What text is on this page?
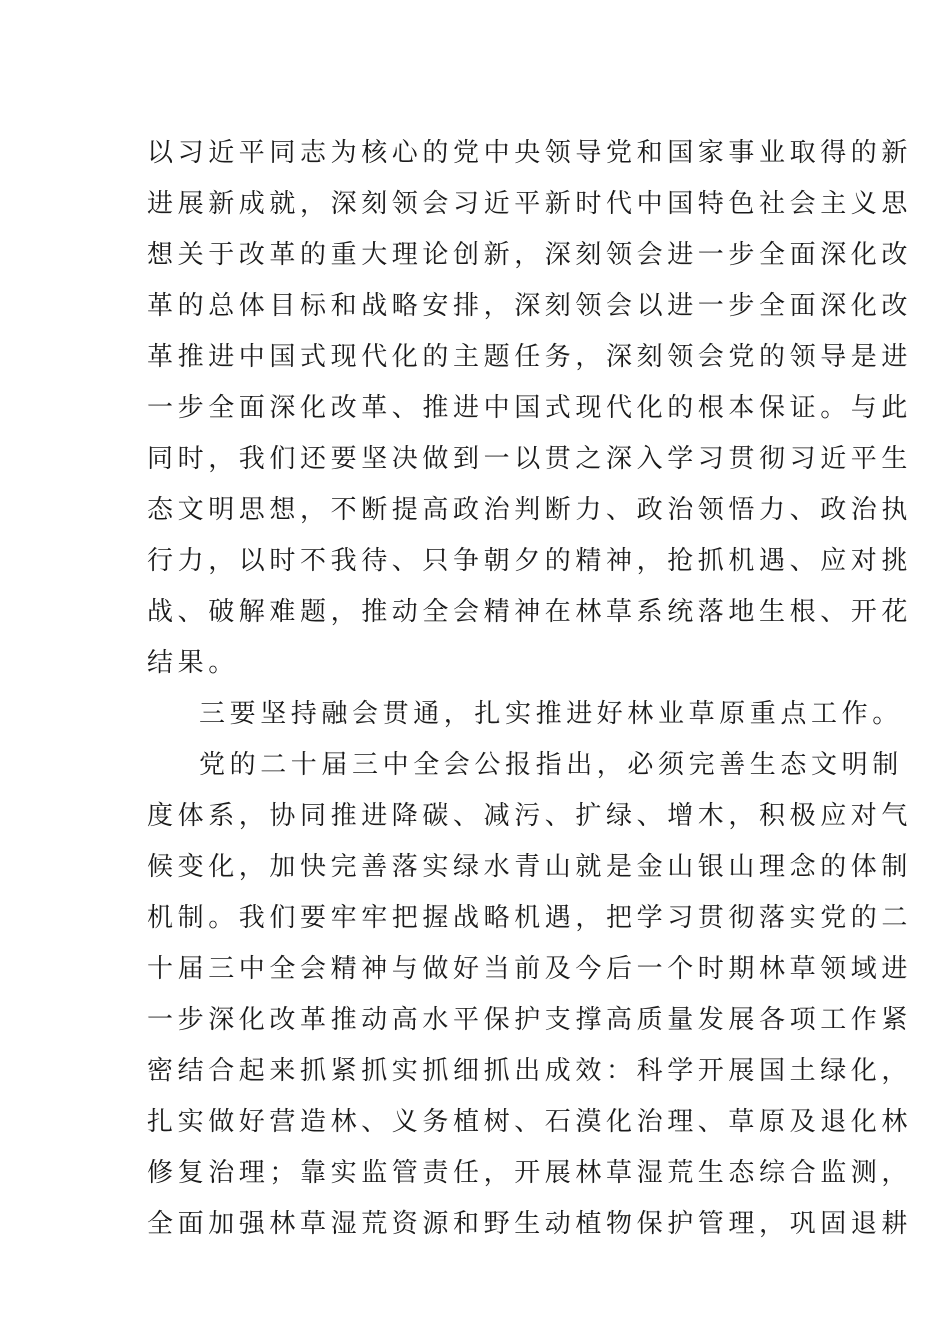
以习近平同志为核心的党中央领导党和国家事业取得的新
进展新成就，深刻领会习近平新时代中国特色社会主义思
想关于改革的重大理论创新，深刻领会进一步全面深化改
革的总体目标和战略安排，深刻领会以进一步全面深化改
革推进中国式现代化的主题任务，深刻领会党的领导是进
一步全面深化改革、推进中国式现代化的根本保证。与此
同时，我们还要坚决做到一以贯之深入学习贯彻习近平生
态文明思想，不断提高政治判断力、政治领悟力、政治执
行力，以时不我待、只争朝夕的精神，抢抓机遇、应对挑
战、破解难题，推动全会精神在林草系统落地生根、开花
结果。
三要坚持融会贯通，扎实推进好林业草原重点工作。
党的二十届三中全会公报指出，必须完善生态文明制
度体系，协同推进降碳、减污、扩绿、增木，积极应对气
候变化，加快完善落实绿水青山就是金山银山理念的体制
机制。我们要牢牢把握战略机遇，把学习贯彻落实党的二
十届三中全会精神与做好当前及今后一个时期林草领域进
一步深化改革推动高水平保护支撑高质量发展各项工作紧
密结合起来抓紧抓实抓细抓出成效：科学开展国土绿化，
扎实做好营造林、义务植树、石漠化治理、草原及退化林
修复治理；靠实监管责任，开展林草湿荒生态综合监测，
全面加强林草湿荒资源和野生动植物保护管理，巩固退耕
